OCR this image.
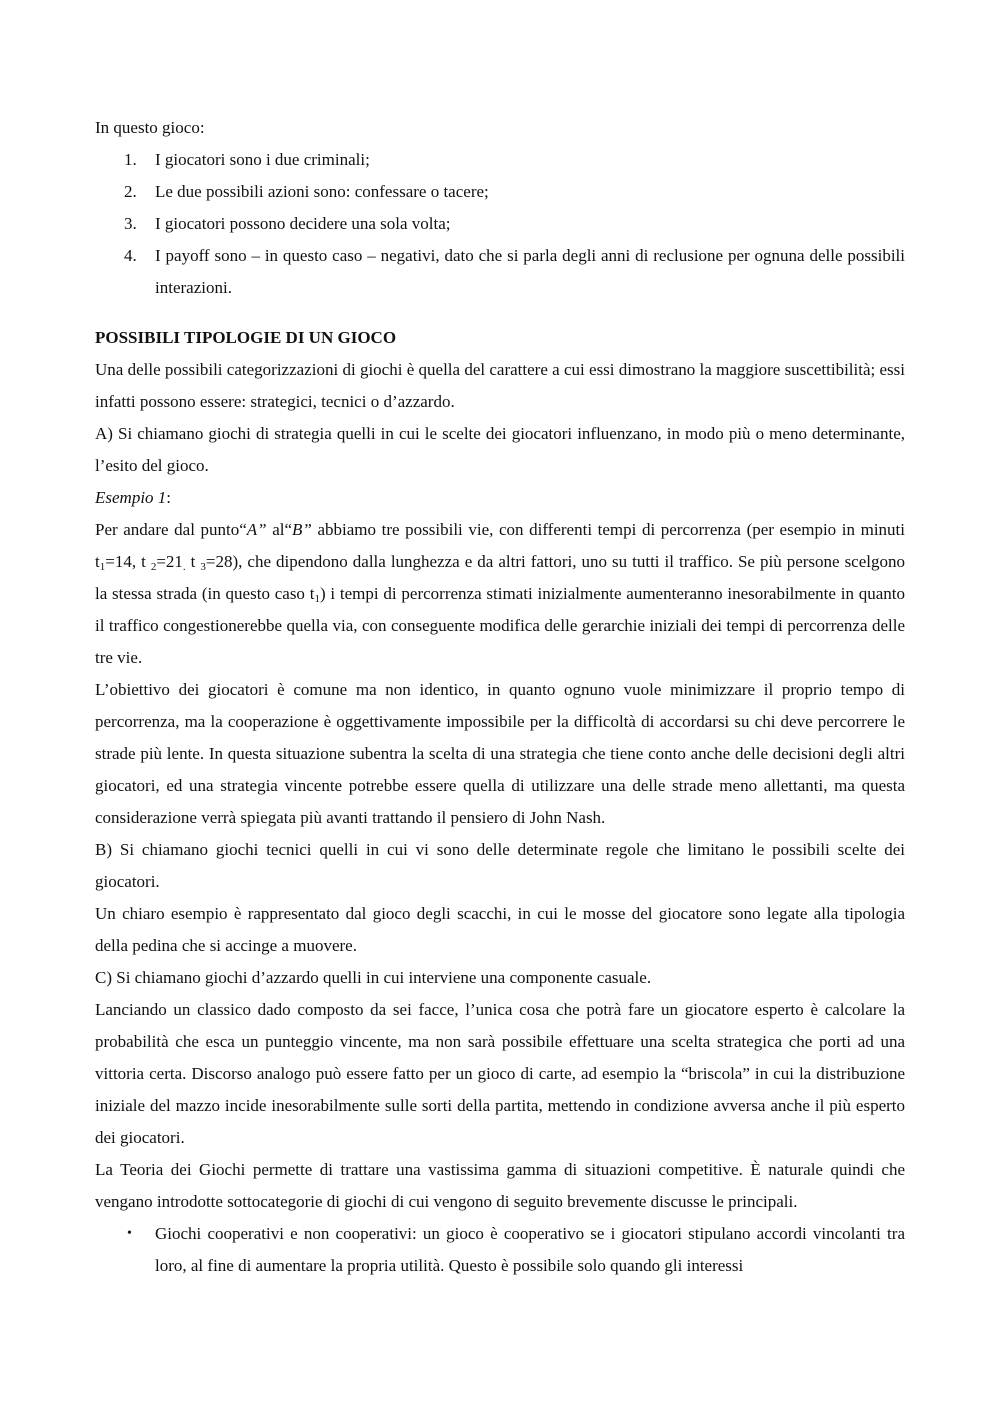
In questo gioco:

1. I giocatori sono i due criminali;
2. Le due possibili azioni sono: confessare o tacere;
3. I giocatori possono decidere una sola volta;
4. I payoff sono – in questo caso – negativi, dato che si parla degli anni di reclusione per ognuna delle possibili interazioni.

POSSIBILI TIPOLOGIE DI UN GIOCO

Una delle possibili categorizzazioni di giochi è quella del carattere a cui essi dimostrano la maggiore suscettibilità; essi infatti possono essere: strategici, tecnici o d’azzardo.

A) Si chiamano giochi di strategia quelli in cui le scelte dei giocatori influenzano, in modo più o meno determinante, l’esito del gioco.

Esempio 1:

Per andare dal punto“A” al“B” abbiamo tre possibili vie, con differenti tempi di percorrenza (per esempio in minuti $t_1=14$, t $_2=21_.$ t $_3$=28), che dipendono dalla lunghezza e da altri fattori, uno su tutti il traffico. Se più persone scelgono la stessa strada (in questo caso $t_1$) i tempi di percorrenza stimati inizialmente aumenteranno inesorabilmente in quanto il traffico congestionerebbe quella via, con conseguente modifica delle gerarchie iniziali dei tempi di percorrenza delle tre vie.

L’obiettivo dei giocatori è comune ma non identico, in quanto ognuno vuole minimizzare il proprio tempo di percorrenza, ma la cooperazione è oggettivamente impossibile per la difficoltà di accordarsi su chi deve percorrere le strade più lente. In questa situazione subentra la scelta di una strategia che tiene conto anche delle decisioni degli altri giocatori, ed una strategia vincente potrebbe essere quella di utilizzare una delle strade meno allettanti, ma questa considerazione verrà spiegata più avanti trattando il pensiero di John Nash.

B) Si chiamano giochi tecnici quelli in cui vi sono delle determinate regole che limitano le possibili scelte dei giocatori.

Un chiaro esempio è rappresentato dal gioco degli scacchi, in cui le mosse del giocatore sono legate alla tipologia della pedina che si accinge a muovere.

C) Si chiamano giochi d’azzardo quelli in cui interviene una componente casuale.

Lanciando un classico dado composto da sei facce, l’unica cosa che potrà fare un giocatore esperto è calcolare la probabilità che esca un punteggio vincente, ma non sarà possibile effettuare una scelta strategica che porti ad una vittoria certa. Discorso analogo può essere fatto per un gioco di carte, ad esempio la “briscola” in cui la distribuzione iniziale del mazzo incide inesorabilmente sulle sorti della partita, mettendo in condizione avversa anche il più esperto dei giocatori.

La Teoria dei Giochi permette di trattare una vastissima gamma di situazioni competitive. È naturale quindi che vengano introdotte sottocategorie di giochi di cui vengono di seguito brevemente discusse le principali.

• Giochi cooperativi e non cooperativi: un gioco è cooperativo se i giocatori stipulano accordi vincolanti tra loro, al fine di aumentare la propria utilità. Questo è possibile solo quando gli interessi
